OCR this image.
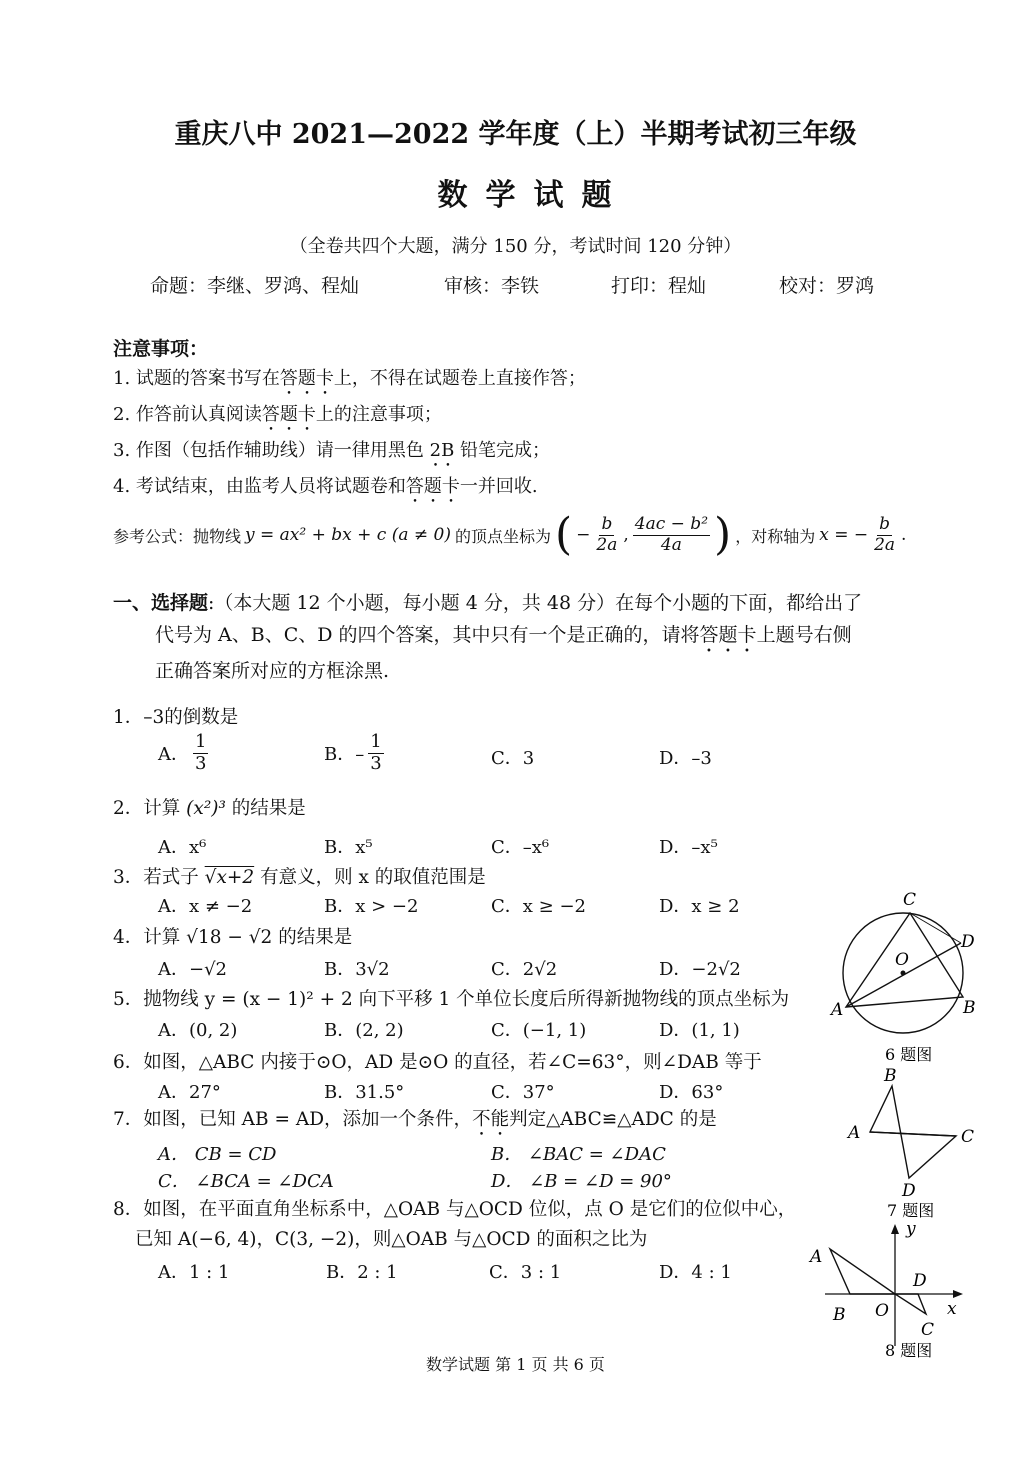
重庆八中 2021—2022 学年度（上）半期考试初三年级
数学试题
（全卷共四个大题，满分 150 分，考试时间 120 分钟）
命题：李继、罗鸿、程灿	审核：李铁	打印：程灿	校对：罗鸿
注意事项：
1. 试题的答案书写在答题卡上，不得在试题卷上直接作答；
2. 作答前认真阅读答题卡上的注意事项；
3. 作图（包括作辅助线）请一律用黑色 2B 铅笔完成；
4. 考试结束，由监考人员将试题卷和答题卡一并回收.
参考公式：抛物线 y = ax² + bx + c (a ≠ 0) 的顶点坐标为 ( − $\frac{b}{2a}$ , $\frac{\text{4ac − b²}}{4a}$ ) ，对称轴为 x = − $\frac{b}{2a}$ .
一、选择题:（本大题 12 个小题，每小题 4 分，共 48 分）在每个小题的下面，都给出了
代号为 A、B、C、D 的四个答案，其中只有一个是正确的，请将答题卡上题号右侧
正确答案所对应的方框涂黑.
1．–3的倒数是
A． $\frac{1}{3}$	B．– $\frac{1}{3}$	C．3	D．–3
2．计算 (x²)³ 的结果是
A．x⁶	B．x⁵	C．–x⁶	D．–x⁵
3．若式子 √x+2 有意义，则 x 的取值范围是
A．x ≠ −2	B．x > −2	C．x ≥ −2	D．x ≥ 2
4．计算 √18 − √2 的结果是
A．−√2	B．3√2	C．2√2	D．−2√2
5．抛物线 y = (x − 1)² + 2 向下平移 1 个单位长度后所得新抛物线的顶点坐标为
A．(0, 2)	B．(2, 2)	C．(−1, 1)	D．(1, 1)
6．如图，△ABC 内接于⊙O，AD 是⊙O 的直径，若∠C=63°，则∠DAB 等于
A．27°	B．31.5°	C．37°	D．63°
7．如图，已知 AB = AD，添加一个条件，不能判定△ABC≌△ADC 的是
A． CB = CD	B． ∠BAC = ∠DAC
C． ∠BCA = ∠DCA	D． ∠B = ∠D = 90°
8．如图，在平面直角坐标系中，△OAB 与△OCD 位似，点 O 是它们的位似中心，
已知 A(−6, 4)，C(3, −2)，则△OAB 与△OCD 的面积之比为
A．1 : 1	B．2 : 1	C．3 : 1	D．4 : 1
C
D
O
A	B
6 题图
B
A	C
D
7 题图
y
A
D
B O	x
C
8 题图
数学试题 第 1 页 共 6 页
